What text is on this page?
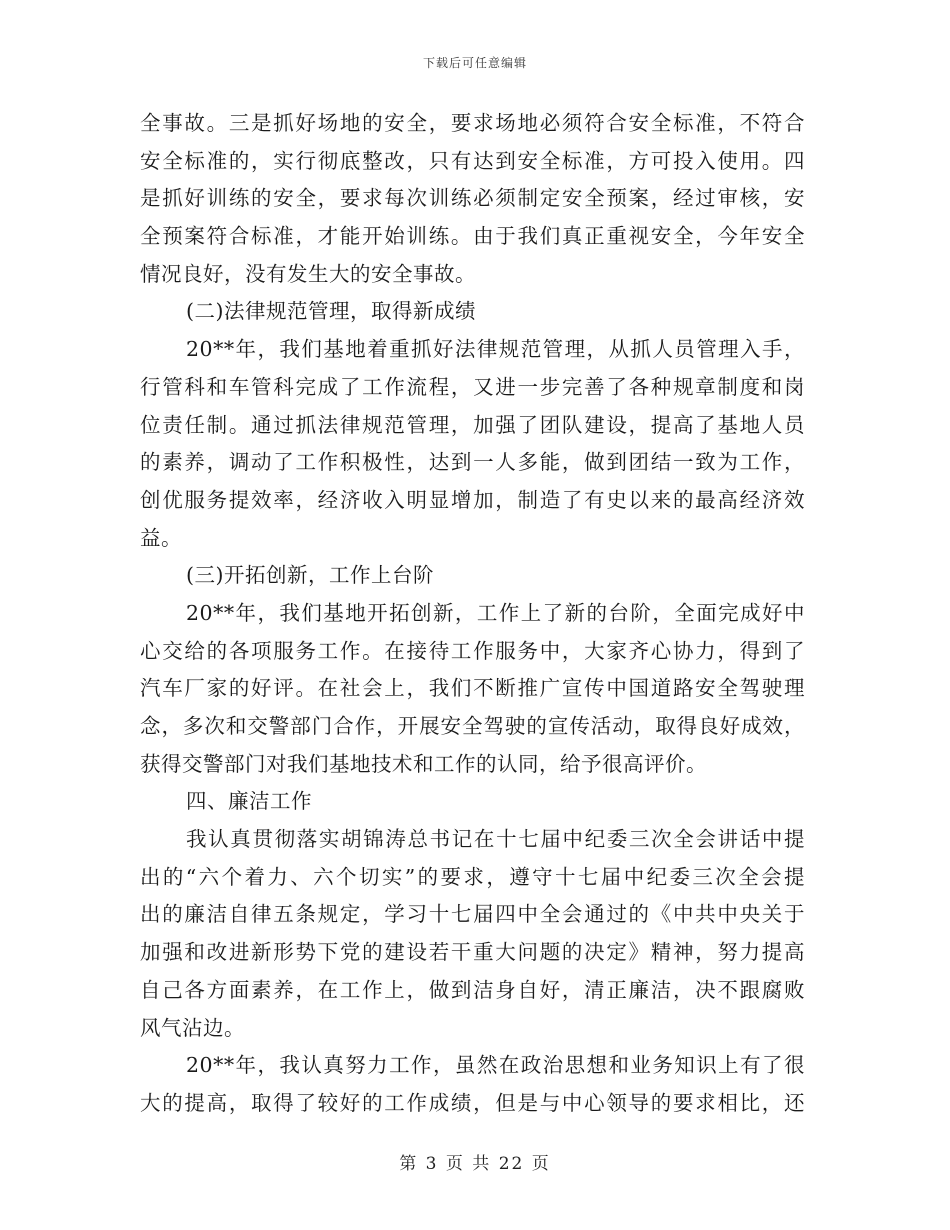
下载后可任意编辑
全事故。三是抓好场地的安全，要求场地必须符合安全标准，不符合
安全标准的，实行彻底整改，只有达到安全标准，方可投入使用。四
是抓好训练的安全，要求每次训练必须制定安全预案，经过审核，安
全预案符合标准，才能开始训练。由于我们真正重视安全，今年安全
情况良好，没有发生大的安全事故。
(二)法律规范管理，取得新成绩
20**年，我们基地着重抓好法律规范管理，从抓人员管理入手，
行管科和车管科完成了工作流程，又进一步完善了各种规章制度和岗
位责任制。通过抓法律规范管理，加强了团队建设，提高了基地人员
的素养，调动了工作积极性，达到一人多能，做到团结一致为工作，
创优服务提效率，经济收入明显增加，制造了有史以来的最高经济效
益。
(三)开拓创新，工作上台阶
20**年，我们基地开拓创新，工作上了新的台阶，全面完成好中
心交给的各项服务工作。在接待工作服务中，大家齐心协力，得到了
汽车厂家的好评。在社会上，我们不断推广宣传中国道路安全驾驶理
念，多次和交警部门合作，开展安全驾驶的宣传活动，取得良好成效，
获得交警部门对我们基地技术和工作的认同，给予很高评价。
四、廉洁工作
我认真贯彻落实胡锦涛总书记在十七届中纪委三次全会讲话中提
出的“六个着力、六个切实”的要求，遵守十七届中纪委三次全会提
出的廉洁自律五条规定，学习十七届四中全会通过的《中共中央关于
加强和改进新形势下党的建设若干重大问题的决定》精神，努力提高
自己各方面素养，在工作上，做到洁身自好，清正廉洁，决不跟腐败
风气沾边。
20**年，我认真努力工作，虽然在政治思想和业务知识上有了很
大的提高，取得了较好的工作成绩，但是与中心领导的要求相比，还
第 3 页 共 22 页
